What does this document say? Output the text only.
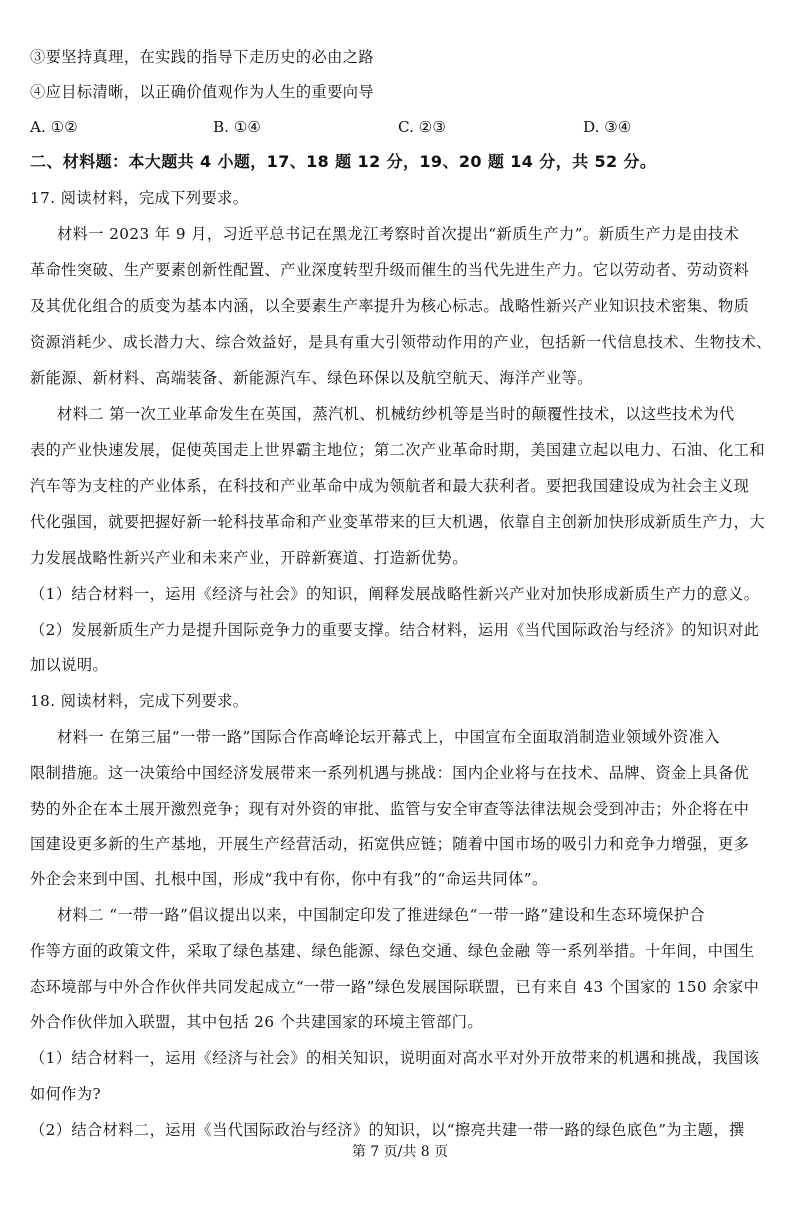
③要坚持真理，在实践的指导下走历史的必由之路
④应目标清晰，以正确价值观作为人生的重要向导
A. ①②	B. ①④	C. ②③	D. ③④
二、材料题：本大题共 4 小题，17、18 题 12 分，19、20 题 14 分，共 52 分。
17. 阅读材料，完成下列要求。
材料一 2023 年 9 月，习近平总书记在黑龙江考察时首次提出“新质生产力”。新质生产力是由技术
革命性突破、生产要素创新性配置、产业深度转型升级而催生的当代先进生产力。它以劳动者、劳动资料
及其优化组合的质变为基本内涵，以全要素生产率提升为核心标志。战略性新兴产业知识技术密集、物质
资源消耗少、成长潜力大、综合效益好，是具有重大引领带动作用的产业，包括新一代信息技术、生物技术、
新能源、新材料、高端装备、新能源汽车、绿色环保以及航空航天、海洋产业等。
材料二 第一次工业革命发生在英国，蒸汽机、机械纺纱机等是当时的颠覆性技术，以这些技术为代
表的产业快速发展，促使英国走上世界霸主地位；第二次产业革命时期，美国建立起以电力、石油、化工和
汽车等为支柱的产业体系，在科技和产业革命中成为领航者和最大获利者。要把我国建设成为社会主义现
代化强国，就要把握好新一轮科技革命和产业变革带来的巨大机遇，依靠自主创新加快形成新质生产力，大
力发展战略性新兴产业和未来产业，开辟新赛道、打造新优势。
（1）结合材料一，运用《经济与社会》的知识，阐释发展战略性新兴产业对加快形成新质生产力的意义。
（2）发展新质生产力是提升国际竞争力的重要支撑。结合材料，运用《当代国际政治与经济》的知识对此
加以说明。
18. 阅读材料，完成下列要求。
材料一 在第三届“一带一路”国际合作高峰论坛开幕式上，中国宣布全面取消制造业领域外资准入
限制措施。这一决策给中国经济发展带来一系列机遇与挑战：国内企业将与在技术、品牌、资金上具备优
势的外企在本土展开激烈竞争；现有对外资的审批、监管与安全审查等法律法规会受到冲击；外企将在中
国建设更多新的生产基地，开展生产经营活动，拓宽供应链；随着中国市场的吸引力和竞争力增强，更多
外企会来到中国、扎根中国，形成“我中有你，你中有我”的“命运共同体”。
材料二 “一带一路”倡议提出以来，中国制定印发了推进绿色“一带一路”建设和生态环境保护合
作等方面的政策文件，采取了绿色基建、绿色能源、绿色交通、绿色金融 等一系列举措。十年间，中国生
态环境部与中外合作伙伴共同发起成立“一带一路”绿色发展国际联盟，已有来自 43 个国家的 150 余家中
外合作伙伴加入联盟，其中包括 26 个共建国家的环境主管部门。
（1）结合材料一，运用《经济与社会》的相关知识，说明面对高水平对外开放带来的机遇和挑战，我国该
如何作为?
（2）结合材料二，运用《当代国际政治与经济》的知识，以“擦亮共建一带一路的绿色底色”为主题，撰
第 7 页/共 8 页
